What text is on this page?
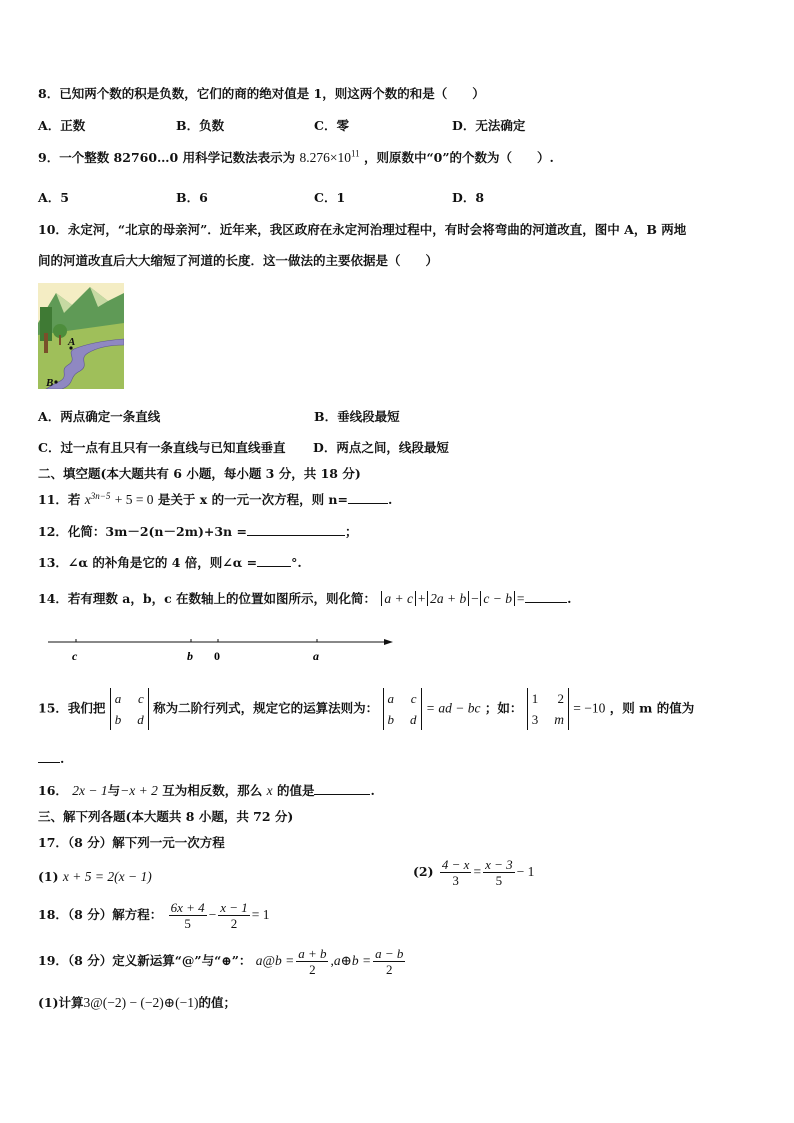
8．已知两个数的积是负数，它们的商的绝对值是 1，则这两个数的和是（　　）
A．正数	B．负数	C．零	D．无法确定
9．一个整数 82760…0 用科学记数法表示为 $8.276\times 10^{11}$ ，则原数中“0”的个数为（　　）.
A．5	B．6	C．1	D．8
10．永定河，“北京的母亲河”．近年来，我区政府在永定河治理过程中，有时会将弯曲的河道改直，图中 A，B 两地
间的河道改直后大大缩短了河道的长度．这一做法的主要依据是（　　）
A
B
A．两点确定一条直线	B．垂线段最短
C．过一点有且只有一条直线与已知直线垂直 D．两点之间，线段最短
二、填空题(本大题共有 6 小题，每小题 3 分，共 18 分)
11．若 $x^{3n-5} + 5 = 0$ 是关于 x 的一元一次方程，则 n=	.
12．化简：3m－2(n－2m)+3n =	；
13．∠α 的补角是它的 4 倍，则∠α =	°.
14．若有理数 a，b，c 在数轴上的位置如图所示，则化简： a + c + 2a + b − c − b =	.
c	b 0	a
15．我们把
a c
b d
称为二阶行列式，规定它的运算法则为：
a c
b d
= ad − bc ；如：
1 2
3 m
= −10 ，则 m 的值为
.
16． 2x − 1与−x + 2 互为相反数，那么 x 的值是	.
三、解下列各题(本大题共 8 小题，共 72 分)
17．（8 分）解下列一元一次方程
(1) x + 5 = 2(x − 1)	$(2) \frac{4 - x}{3} = \frac{x - 3}{5} - 1$
18．（8 分）解方程： $\frac{6x + 4}{5} - \frac{x - 1}{2} = 1$
19．（8 分）定义新运算“@”与“⊕”： a@b = $\frac{a + b}{2}$ ,a⊕b = $\frac{a - b}{2}$
(1)计算3@(−2) − (−2)⊕(−1)的值；
